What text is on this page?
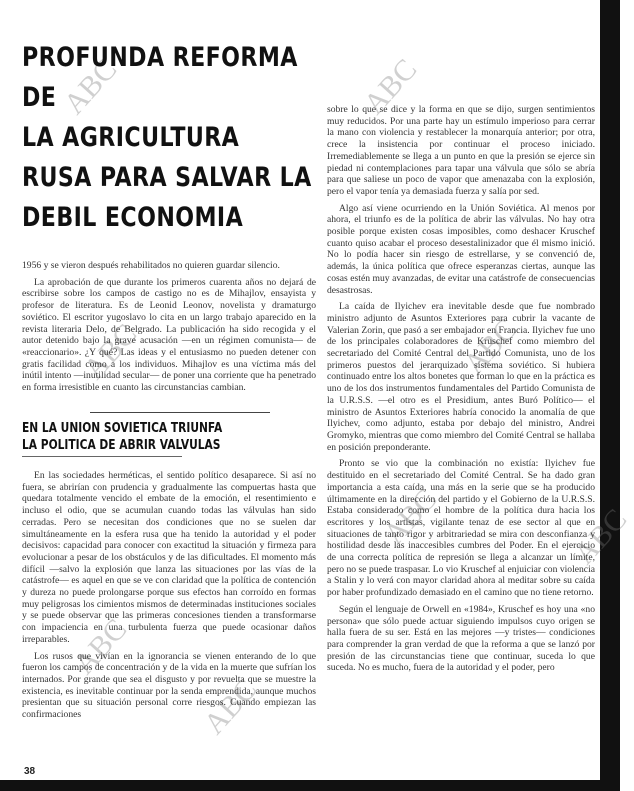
ABC	ABC
ABC	ABC
ABC	ABC
ABC
ABC
PROFUNDA REFORMA DE
LA AGRICULTURA
RUSA PARA SALVAR LA
DEBIL ECONOMIA

1956 y se vieron después rehabilitados no quieren guardar silencio.

La aprobación de que durante los primeros cuarenta años no dejará de escribirse sobre los campos de castigo no es de Mihajlov, ensayista y profesor de literatura. Es de Leonid Leonov, novelista y dramaturgo soviético. El escritor yugoslavo lo cita en un largo trabajo aparecido en la revista literaria Delo, de Belgrado. La publicación ha sido recogida y el autor detenido bajo la grave acusación —en un régimen comunista— de «reaccionario». ¿Y qué? Las ideas y el entusiasmo no pueden detener con gratis facilidad como a los individuos. Mihajlov es una víctima más del inútil intento —inutilidad secular— de poner una corriente que ha penetrado en forma irresistible en cuanto las circunstancias cambian.

EN LA UNION SOVIETICA TRIUNFA
LA POLITICA DE ABRIR VALVULAS

En las sociedades herméticas, el sentido político desaparece. Si así no fuera, se abrirían con prudencia y gradualmente las compuertas hasta que quedara totalmente vencido el embate de la emoción, el resentimiento e incluso el odio, que se acumulan cuando todas las válvulas han sido cerradas. Pero se necesitan dos condiciones que no se suelen dar simultáneamente en la esfera rusa que ha tenido la autoridad y el poder decisivos: capacidad para conocer con exactitud la situación y firmeza para evolucionar a pesar de los obstáculos y de las dificultades. El momento más difícil —salvo la explosión que lanza las situaciones por las vías de la catástrofe— es aquel en que se ve con claridad que la política de contención y dureza no puede prolongarse porque sus efectos han corroído en formas muy peligrosas los cimientos mismos de determinadas instituciones sociales y se puede observar que las primeras concesiones tienden a transformarse con impaciencia en una turbulenta fuerza que puede ocasionar daños irreparables.

Los rusos que vivían en la ignorancia se vienen enterando de lo que fueron los campos de concentración y de la vida en la muerte que sufrían los internados. Por grande que sea el disgusto y por revuelta que se muestre la existencia, es inevitable continuar por la senda emprendida, aunque muchos presientan que su situación personal corre riesgos. Cuando empiezan las confirmaciones

sobre lo que se dice y la forma en que se dijo, surgen sentimientos muy reducidos. Por una parte hay un estímulo imperioso para cerrar la mano con violencia y restablecer la monarquía anterior; por otra, crece la insistencia por continuar el proceso iniciado. Irremediablemente se llega a un punto en que la presión se ejerce sin piedad ni contemplaciones para tapar una válvula que sólo se abría para que saliese un poco de vapor que amenazaba con la explosión, pero el vapor tenía ya demasiada fuerza y salía por sed.

Algo así viene ocurriendo en la Unión Soviética. Al menos por ahora, el triunfo es de la política de abrir las válvulas. No hay otra posible porque existen cosas imposibles, como deshacer Kruschef cuanto quiso acabar el proceso desestalinizador que él mismo inició. No lo podía hacer sin riesgo de estrellarse, y se convenció de, además, la única política que ofrece esperanzas ciertas, aunque las cosas estén muy avanzadas, de evitar una catástrofe de consecuencias desastrosas.

La caída de Ilyichev era inevitable desde que fue nombrado ministro adjunto de Asuntos Exteriores para cubrir la vacante de Valerian Zorin, que pasó a ser embajador en Francia. Ilyichev fue uno de los principales colaboradores de Kruschef como miembro del secretariado del Comité Central del Partido Comunista, uno de los primeros puestos del jerarquizado sistema soviético. Si hubiera continuado entre los altos bonetes que forman lo que en la práctica es uno de los dos instrumentos fundamentales del Partido Comunista de la U.R.S.S. —el otro es el Presidium, antes Buró Político— el ministro de Asuntos Exteriores habría conocido la anomalía de que Ilyichev, como adjunto, estaba por debajo del ministro, Andrei Gromyko, mientras que como miembro del Comité Central se hallaba en posición preponderante.

Pronto se vio que la combinación no existía: Ilyichev fue destituido en el secretariado del Comité Central. Se ha dado gran importancia a esta caída, una más en la serie que se ha producido últimamente en la dirección del partido y el Gobierno de la U.R.S.S. Estaba considerado como el hombre de la política dura hacia los escritores y los artistas, vigilante tenaz de ese sector al que en situaciones de tanto rigor y arbitrariedad se mira con desconfianza y hostilidad desde las inaccesibles cumbres del Poder. En el ejercicio de una correcta política de represión se llega a alcanzar un límite, pero no se puede traspasar. Lo vio Kruschef al enjuiciar con violencia a Stalin y lo verá con mayor claridad ahora al meditar sobre su caída por haber profundizado demasiado en el camino que no tiene retorno.

Según el lenguaje de Orwell en «1984», Kruschef es hoy una «no persona» que sólo puede actuar siguiendo impulsos cuyo origen se halla fuera de su ser. Está en las mejores —y tristes— condiciones para comprender la gran verdad de que la reforma a que se lanzó por presión de las circunstancias tiene que continuar, suceda lo que suceda. No es mucho, fuera de la autoridad y el poder, pero

38
